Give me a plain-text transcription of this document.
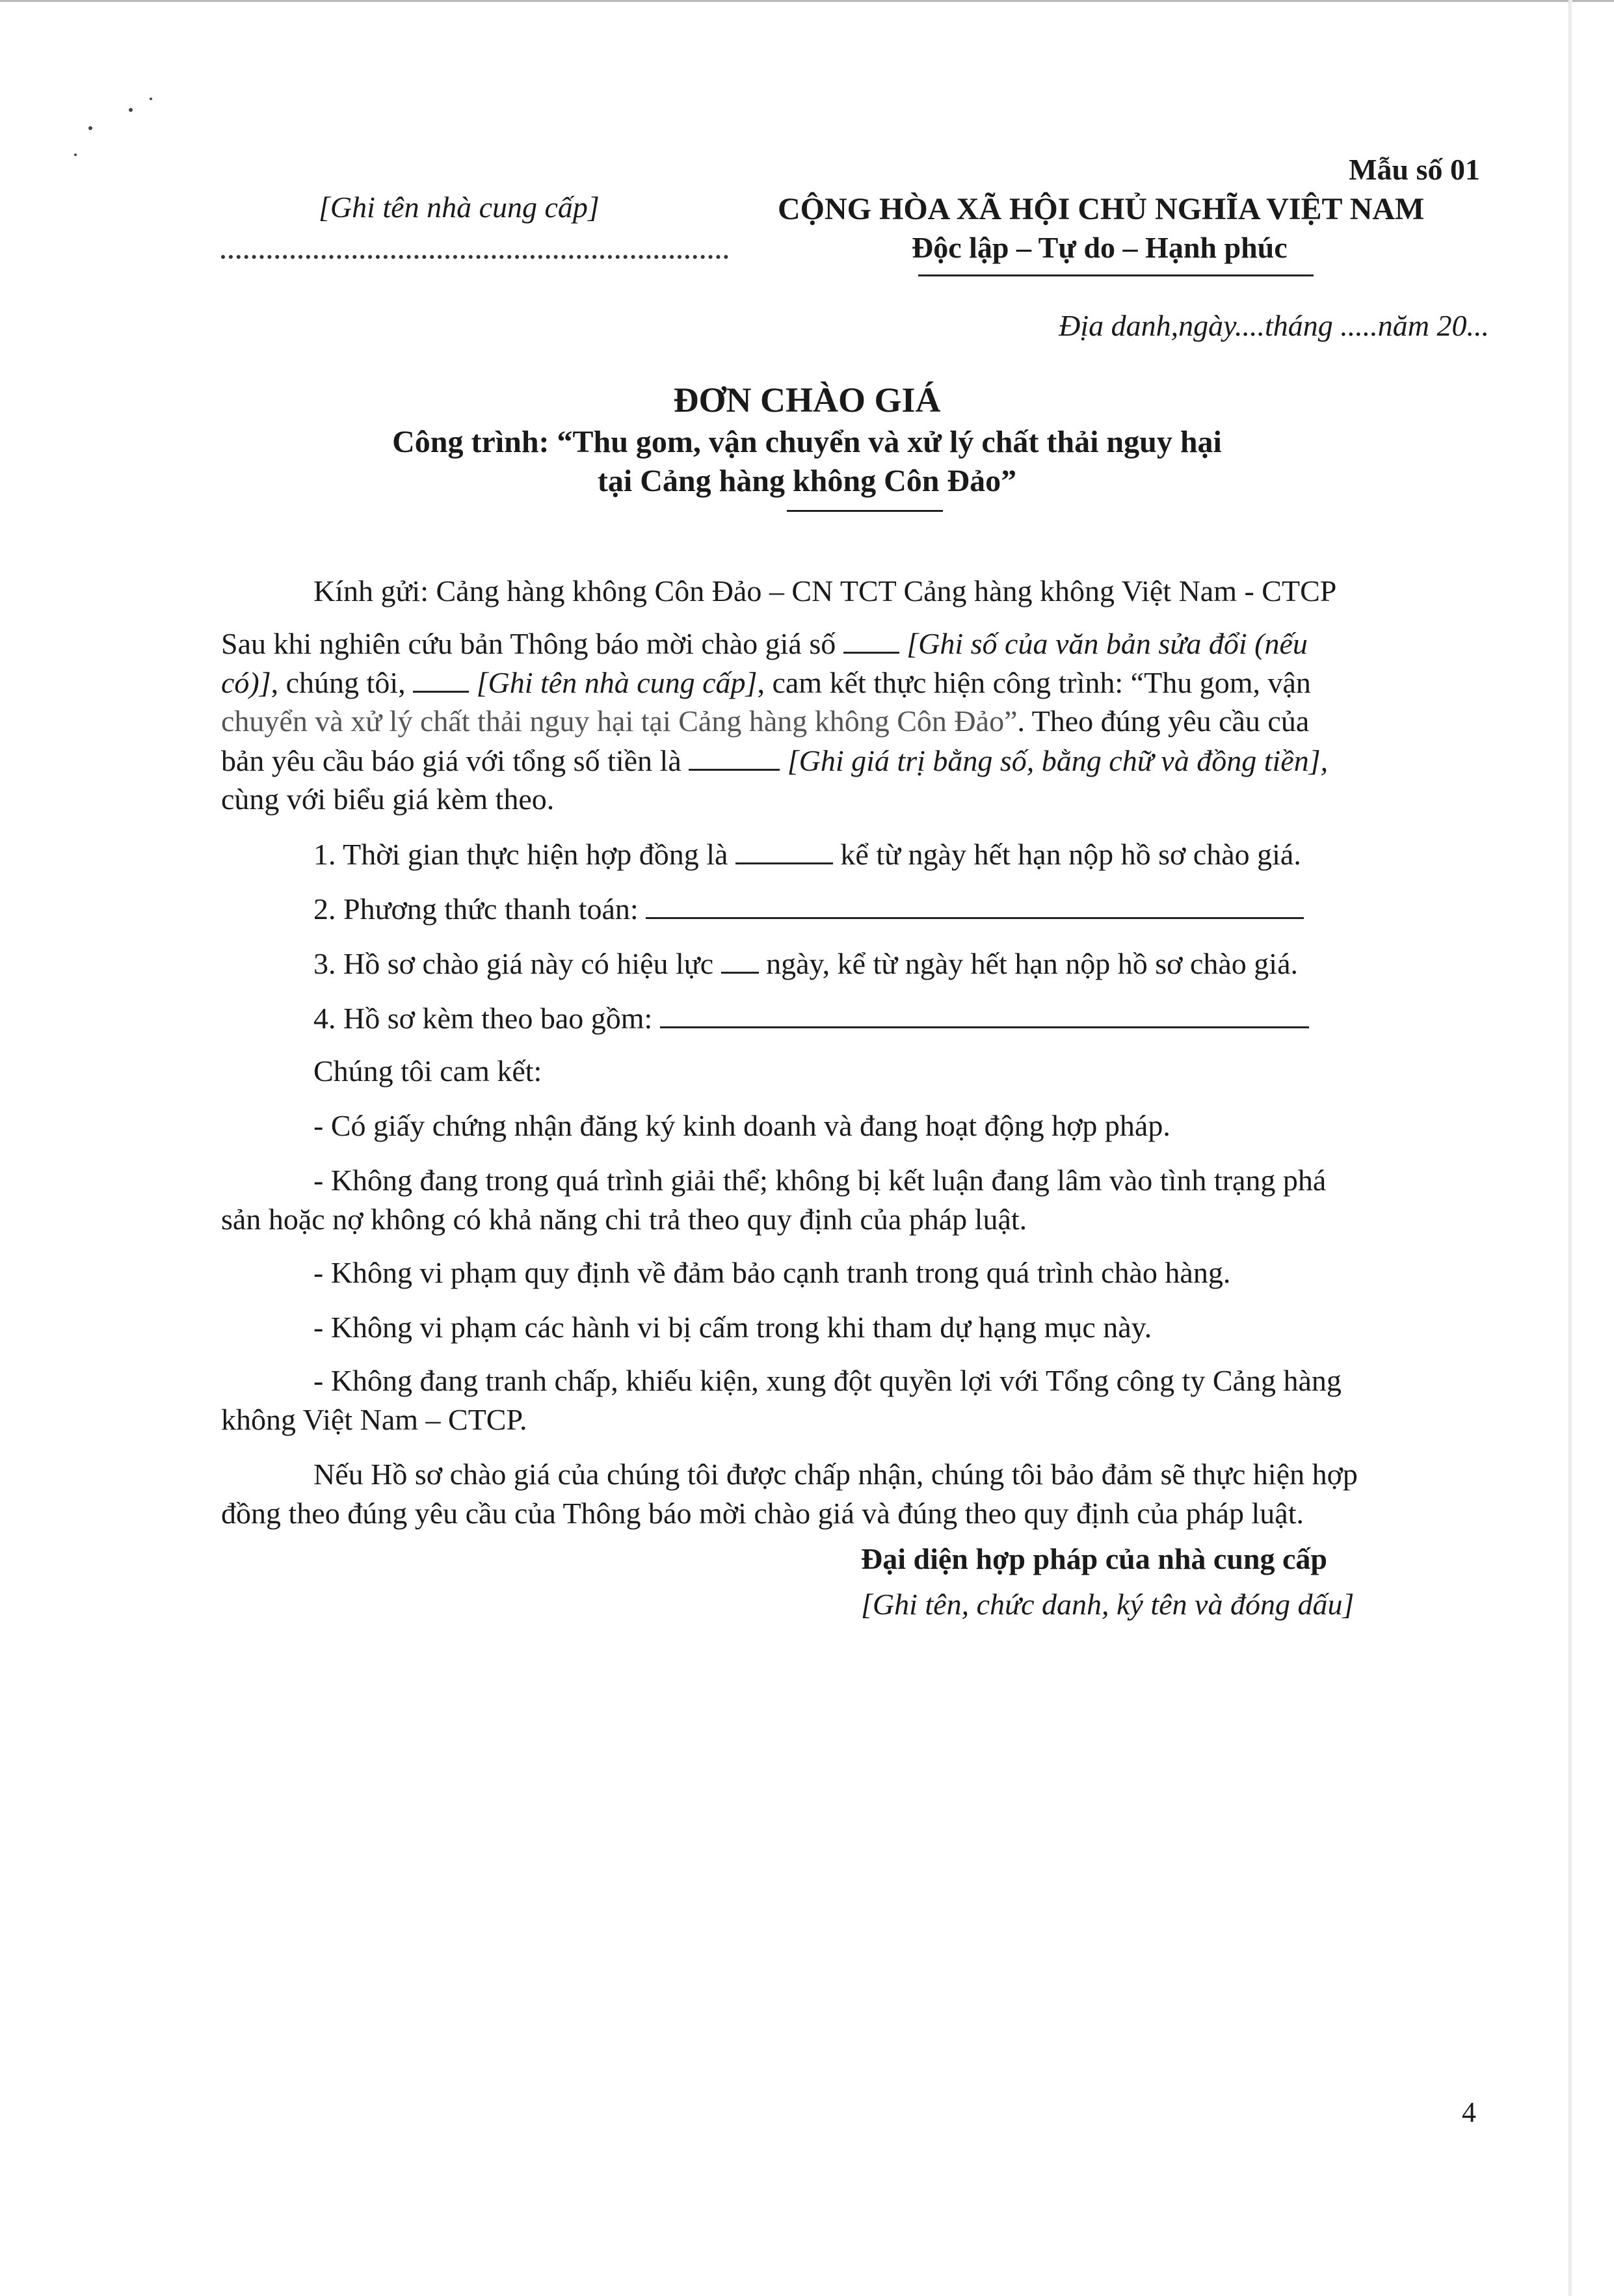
Mẫu số 01
[Ghi tên nhà cung cấp]	CỘNG HÒA XÃ HỘI CHỦ NGHĨA VIỆT NAM
Độc lập – Tự do – Hạnh phúc
Địa danh,ngày....tháng .....năm 20...
ĐƠN CHÀO GIÁ
Công trình: “Thu gom, vận chuyển và xử lý chất thải nguy hại
tại Cảng hàng không Côn Đảo”
Kính gửi: Cảng hàng không Côn Đảo – CN TCT Cảng hàng không Việt Nam - CTCP
Sau khi nghiên cứu bản Thông báo mời chào giá số  [Ghi số của văn bản sửa đổi (nếu
có)], chúng tôi,  [Ghi tên nhà cung cấp], cam kết thực hiện công trình: “Thu gom, vận
chuyển và xử lý chất thải nguy hại tại Cảng hàng không Côn Đảo”. Theo đúng yêu cầu của
bản yêu cầu báo giá với tổng số tiền là	[Ghi giá trị bằng số, bằng chữ và đồng tiền],
cùng với biểu giá kèm theo.
1. Thời gian thực hiện hợp đồng là	kể từ ngày hết hạn nộp hồ sơ chào giá.
2. Phương thức thanh toán:
3. Hồ sơ chào giá này có hiệu lực  ngày, kể từ ngày hết hạn nộp hồ sơ chào giá.
4. Hồ sơ kèm theo bao gồm:
Chúng tôi cam kết:
- Có giấy chứng nhận đăng ký kinh doanh và đang hoạt động hợp pháp.
- Không đang trong quá trình giải thể; không bị kết luận đang lâm vào tình trạng phá
sản hoặc nợ không có khả năng chi trả theo quy định của pháp luật.
- Không vi phạm quy định về đảm bảo cạnh tranh trong quá trình chào hàng.
- Không vi phạm các hành vi bị cấm trong khi tham dự hạng mục này.
- Không đang tranh chấp, khiếu kiện, xung đột quyền lợi với Tổng công ty Cảng hàng
không Việt Nam – CTCP.
Nếu Hồ sơ chào giá của chúng tôi được chấp nhận, chúng tôi bảo đảm sẽ thực hiện hợp
đồng theo đúng yêu cầu của Thông báo mời chào giá và đúng theo quy định của pháp luật.
Đại diện hợp pháp của nhà cung cấp
[Ghi tên, chức danh, ký tên và đóng dấu]
4
